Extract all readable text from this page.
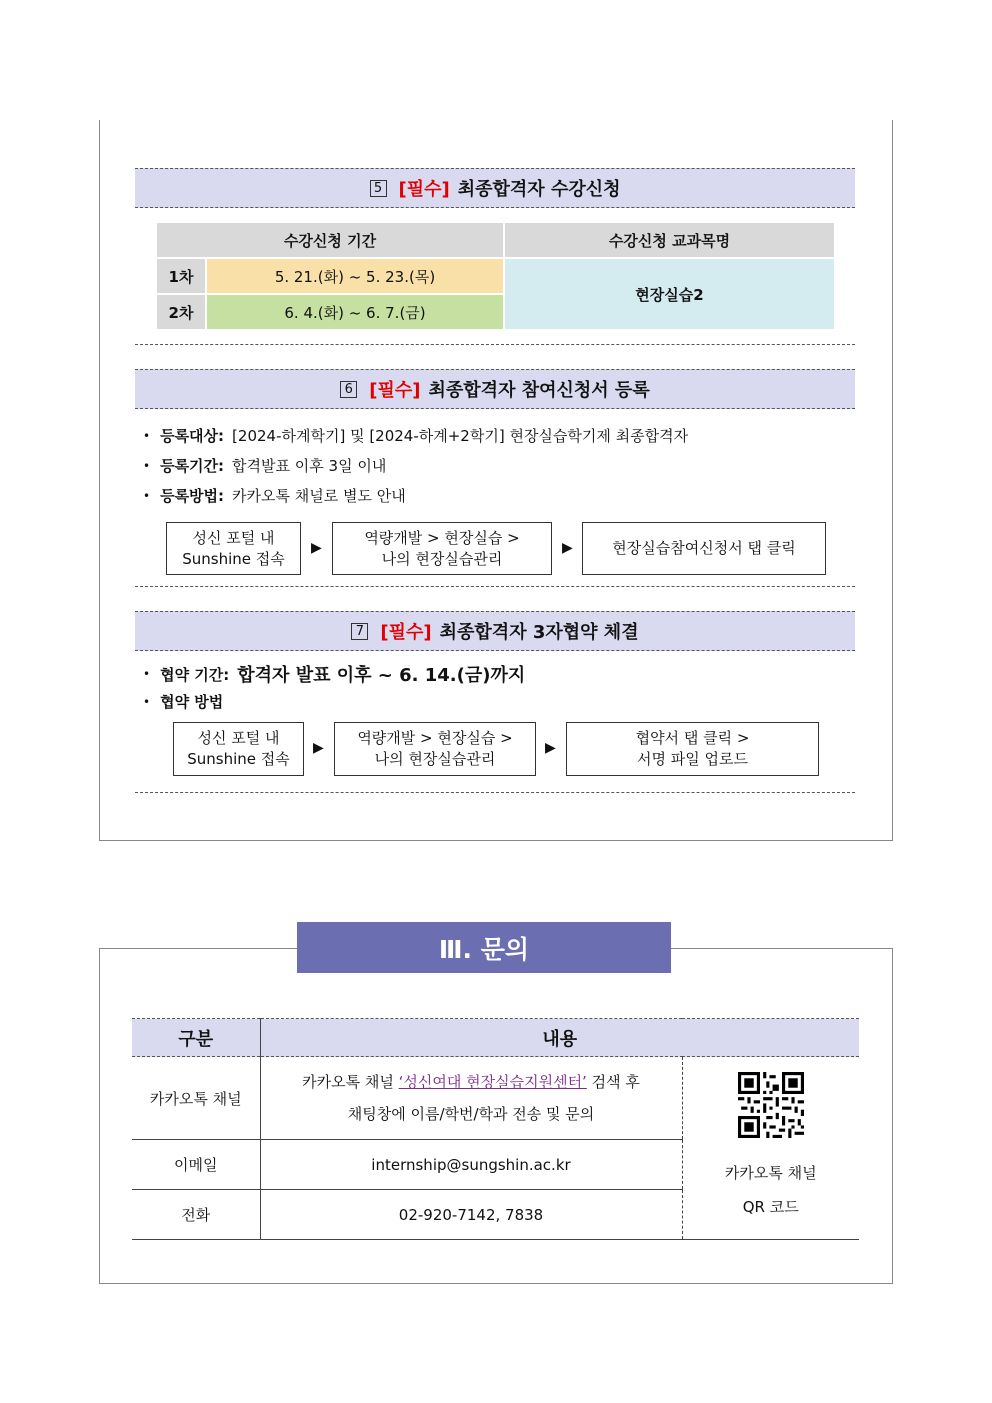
5 [필수] 최종합격자 수강신청
수강신청 기간		수강신청 교과목명
1차	5. 21.(화) ~ 5. 23.(목)	현장실습2
2차	6. 4.(화) ~ 6. 7.(금)	
6 [필수] 최종합격자 참여신청서 등록
• 등록대상: [2024-하계학기] 및 [2024-하계+2학기] 현장실습학기제 최종합격자
• 등록기간: 합격발표 이후 3일 이내
• 등록방법: 카카오톡 채널로 별도 안내
성신 포털 내
Sunshine 접속
▶
역량개발 > 현장실습 >
나의 현장실습관리
▶	현장실습참여신청서 탭 클릭
7 [필수] 최종합격자 3자협약 체결
• 협약 기간: 합격자 발표 이후 ~ 6. 14.(금)까지
• 협약 방법
성신 포털 내
Sunshine 접속
▶
역량개발 > 현장실습 >
나의 현장실습관리
▶
협약서 탭 클릭 >
서명 파일 업로드
Ⅲ. 문의
구분	내용	
카카오톡 채널	카카오톡 채널 ‘성신여대 현장실습지원센터’ 검색 후
채팅창에 이름/학번/학과 전송 및 문의	카카오톡 채널
QR 코드
이메일	internship@sungshin.ac.kr	
전화	02-920-7142, 7838	
